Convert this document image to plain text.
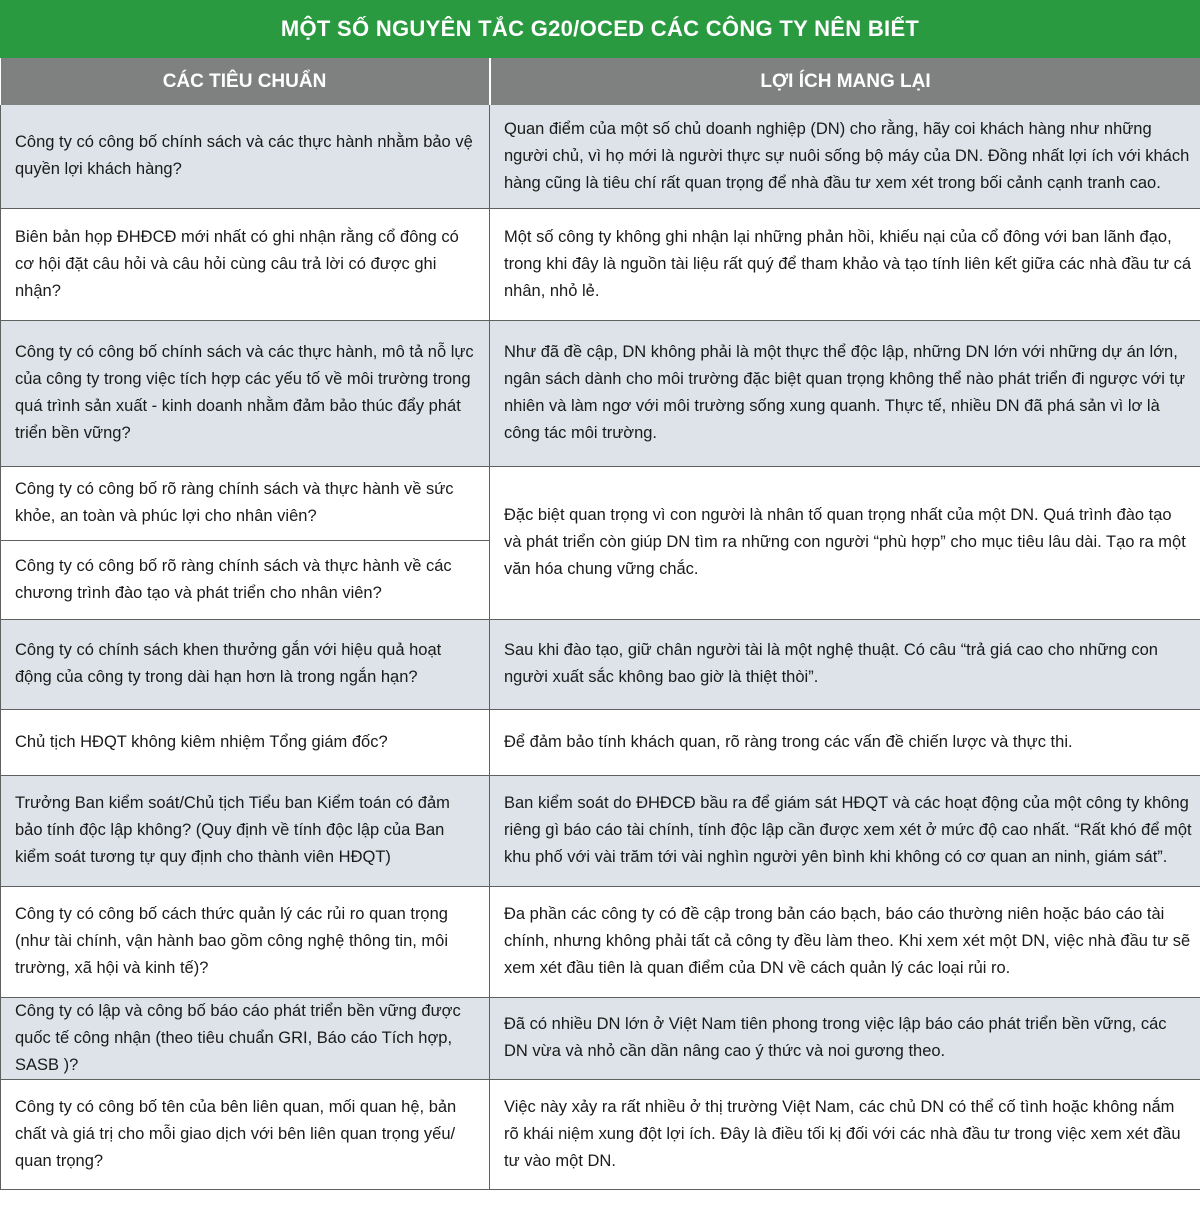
MỘT SỐ NGUYÊN TẮC G20/OCED CÁC CÔNG TY NÊN BIẾT
CÁC TIÊU CHUẨN	LỢI ÍCH MANG LẠI
Công ty có công bố chính sách và các thực hành nhằm bảo vệ quyền lợi khách hàng?	Quan điểm của một số chủ doanh nghiệp (DN) cho rằng, hãy coi khách hàng như những người chủ, vì họ mới là người thực sự nuôi sống bộ máy của DN. Đồng nhất lợi ích với khách hàng cũng là tiêu chí rất quan trọng để nhà đầu tư xem xét trong bối cảnh cạnh tranh cao.
Biên bản họp ĐHĐCĐ mới nhất có ghi nhận rằng cổ đông có cơ hội đặt câu hỏi và câu hỏi cùng câu trả lời có được ghi nhận?	Một số công ty không ghi nhận lại những phản hồi, khiếu nại của cổ đông với ban lãnh đạo, trong khi đây là nguồn tài liệu rất quý để tham khảo và tạo tính liên kết giữa các nhà đầu tư cá nhân, nhỏ lẻ.
Công ty có công bố chính sách và các thực hành, mô tả nỗ lực của công ty trong việc tích hợp các yếu tố về môi trường trong quá trình sản xuất - kinh doanh nhằm đảm bảo thúc đẩy phát triển bền vững?	Như đã đề cập, DN không phải là một thực thể độc lập, những DN lớn với những dự án lớn, ngân sách dành cho môi trường đặc biệt quan trọng không thể nào phát triển đi ngược với tự nhiên và làm ngơ với môi trường sống xung quanh. Thực tế, nhiều DN đã phá sản vì lơ là công tác môi trường.
Công ty có công bố rõ ràng chính sách và thực hành về sức khỏe, an toàn và phúc lợi cho nhân viên?	Đặc biệt quan trọng vì con người là nhân tố quan trọng nhất của một DN. Quá trình đào tạo và phát triển còn giúp DN tìm ra những con người “phù hợp” cho mục tiêu lâu dài. Tạo ra một văn hóa chung vững chắc.
Công ty có công bố rõ ràng chính sách và thực hành về các chương trình đào tạo và phát triển cho nhân viên?	
Công ty có chính sách khen thưởng gắn với hiệu quả hoạt động của công ty trong dài hạn hơn là trong ngắn hạn?	Sau khi đào tạo, giữ chân người tài là một nghệ thuật. Có câu “trả giá cao cho những con người xuất sắc không bao giờ là thiệt thòi”.
Chủ tịch HĐQT không kiêm nhiệm Tổng giám đốc?	Để đảm bảo tính khách quan, rõ ràng trong các vấn đề chiến lược và thực thi.
Trưởng Ban kiểm soát/Chủ tịch Tiểu ban Kiểm toán có đảm bảo tính độc lập không? (Quy định về tính độc lập của Ban kiểm soát tương tự quy định cho thành viên HĐQT)	Ban kiểm soát do ĐHĐCĐ bầu ra để giám sát HĐQT và các hoạt động của một công ty không riêng gì báo cáo tài chính, tính độc lập cần được xem xét ở mức độ cao nhất. “Rất khó để một khu phố với vài trăm tới vài nghìn người yên bình khi không có cơ quan an ninh, giám sát”.
Công ty có công bố cách thức quản lý các rủi ro quan trọng (như tài chính, vận hành bao gồm công nghệ thông tin, môi trường, xã hội và kinh tế)?	Đa phần các công ty có đề cập trong bản cáo bạch, báo cáo thường niên hoặc báo cáo tài chính, nhưng không phải tất cả công ty đều làm theo. Khi xem xét một DN, việc nhà đầu tư sẽ xem xét đầu tiên là quan điểm của DN về cách quản lý các loại rủi ro.
Công ty có lập và công bố báo cáo phát triển bền vững được quốc tế công nhận (theo tiêu chuẩn GRI, Báo cáo Tích hợp, SASB )?	Đã có nhiều DN lớn ở Việt Nam tiên phong trong việc lập báo cáo phát triển bền vững, các DN vừa và nhỏ cần dần nâng cao ý thức và noi gương theo.
Công ty có công bố tên của bên liên quan, mối quan hệ, bản chất và giá trị cho mỗi giao dịch với bên liên quan trọng yếu/ quan trọng?	Việc này xảy ra rất nhiều ở thị trường Việt Nam, các chủ DN có thể cố tình hoặc không nắm rõ khái niệm xung đột lợi ích. Đây là điều tối kị đối với các nhà đầu tư trong việc xem xét đầu tư vào một DN.
